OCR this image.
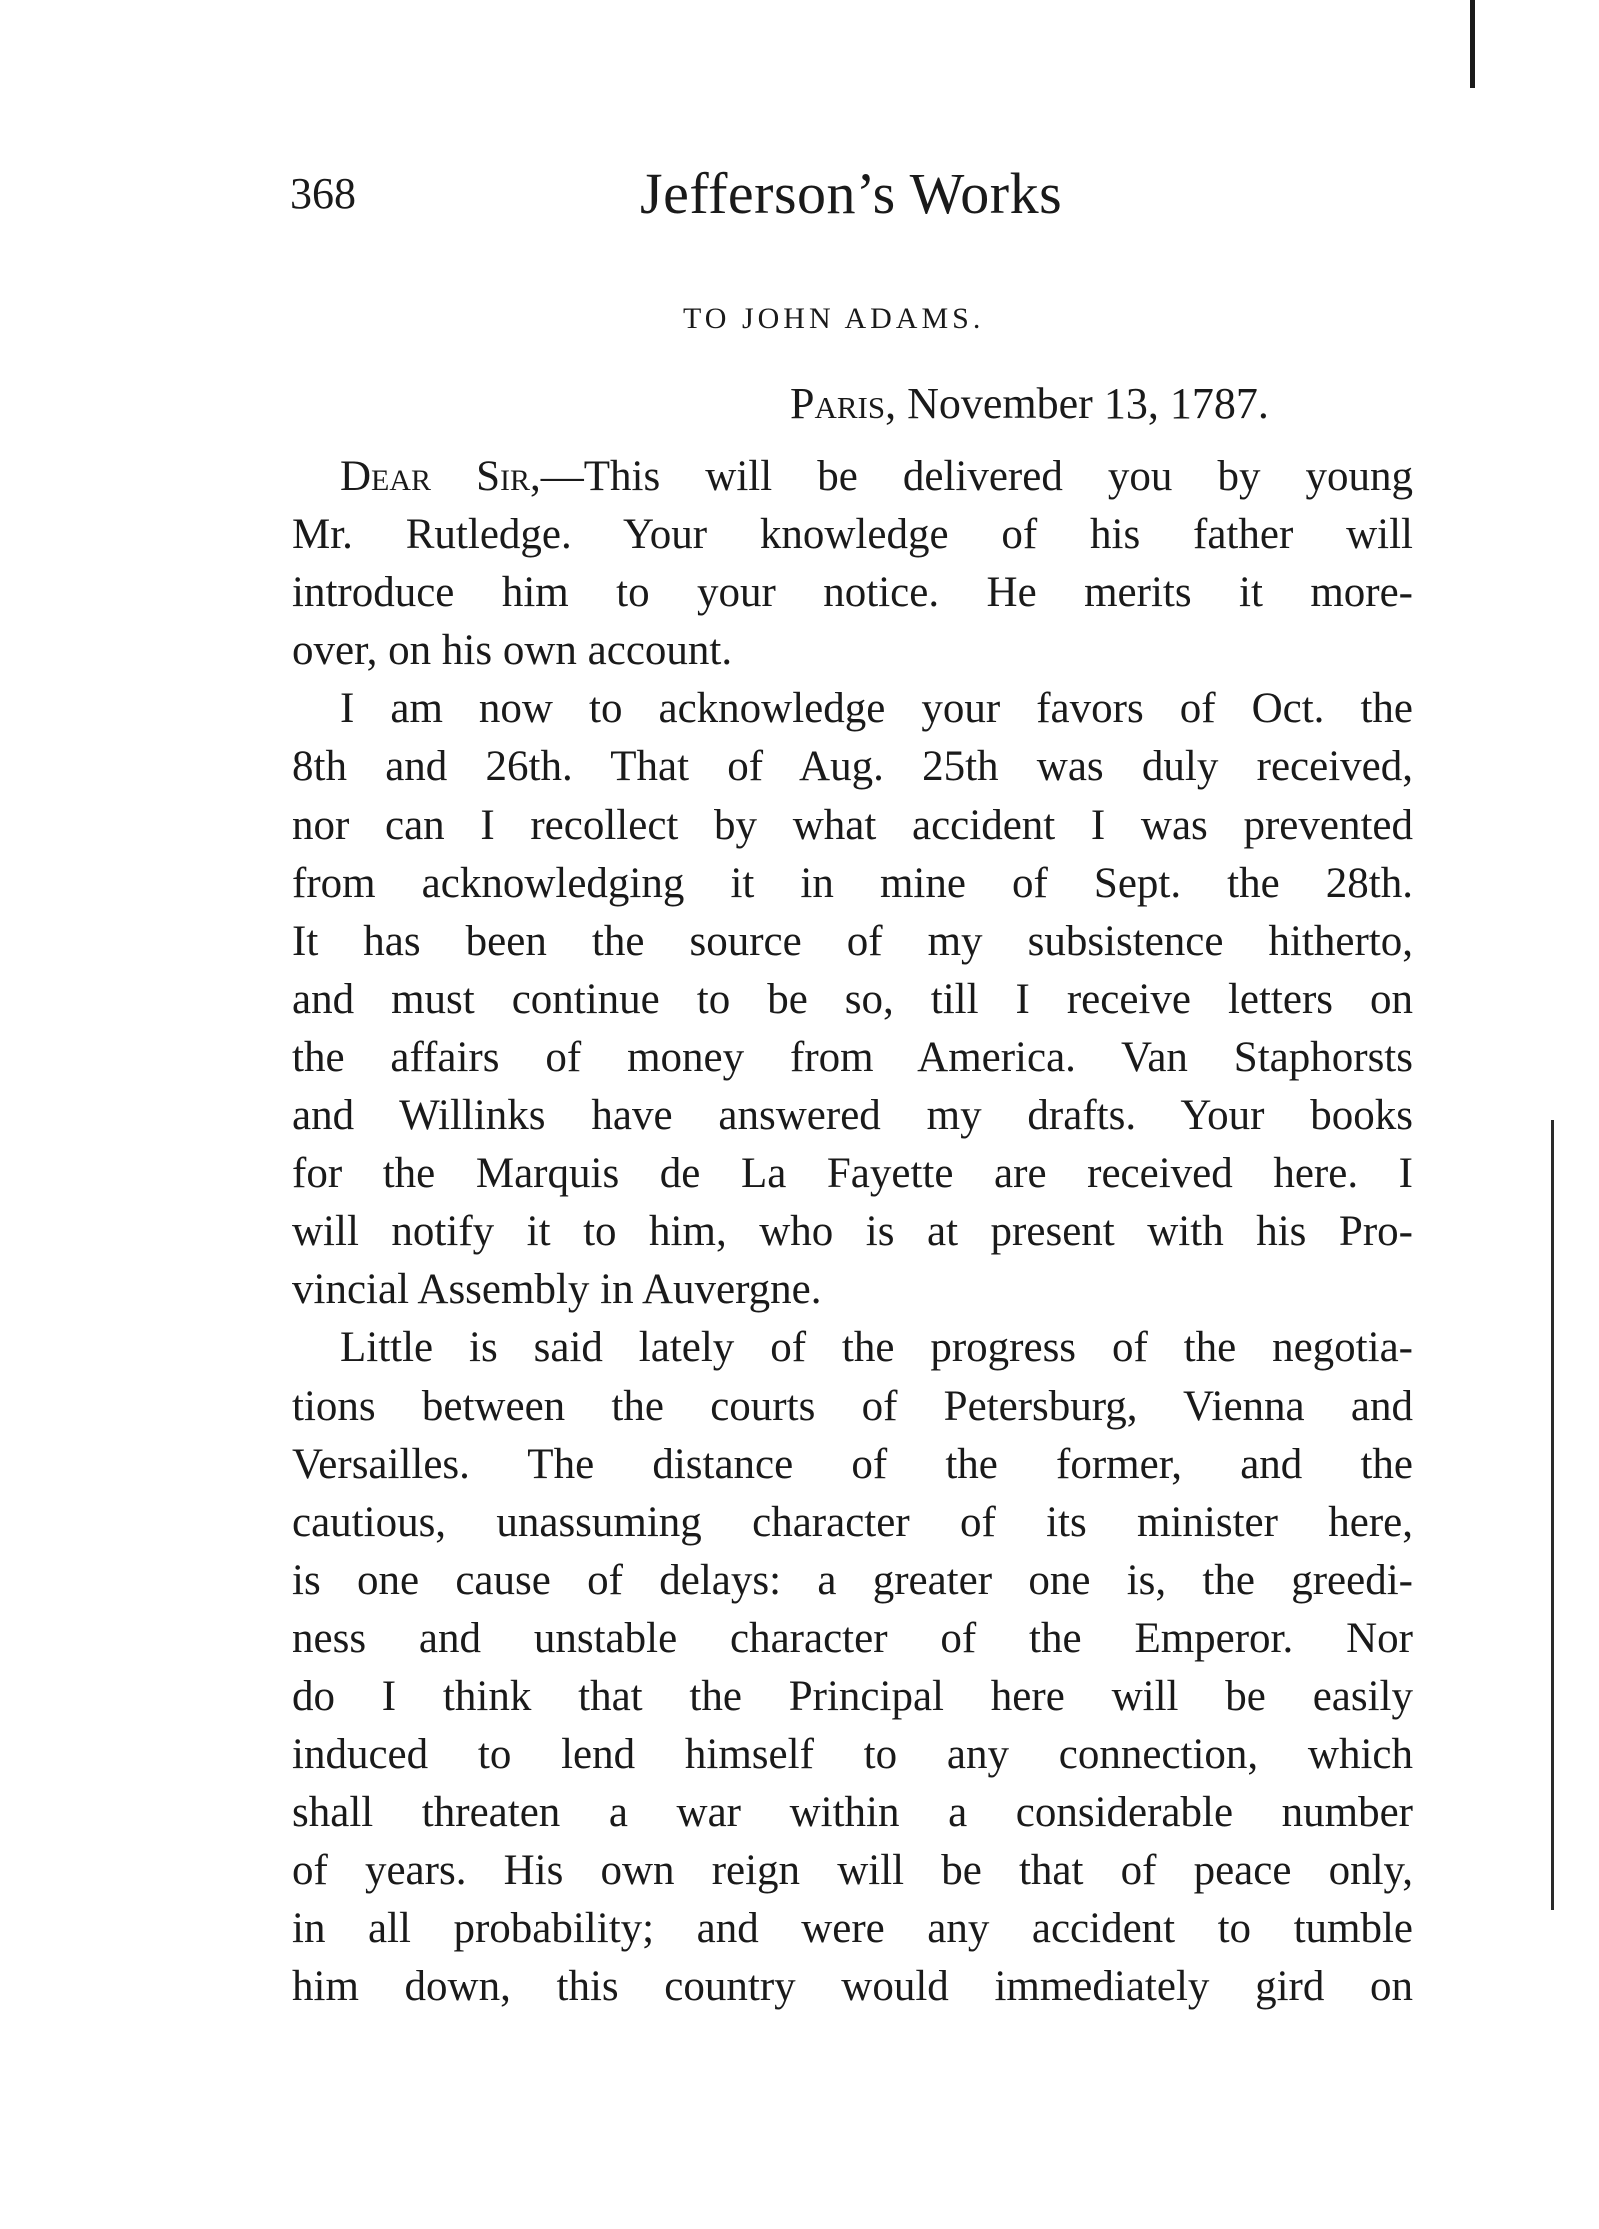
368	Jefferson’s Works
TO JOHN ADAMS.
Paris, November 13, 1787.
Dear Sir,—This will be delivered you by young
Mr. Rutledge. Your knowledge of his father will
introduce him to your notice. He merits it more-
over, on his own account.
I am now to acknowledge your favors of Oct. the
8th and 26th. That of Aug. 25th was duly received,
nor can I recollect by what accident I was prevented
from acknowledging it in mine of Sept. the 28th.
It has been the source of my subsistence hitherto,
and must continue to be so, till I receive letters on
the affairs of money from America. Van Staphorsts
and Willinks have answered my drafts. Your books
for the Marquis de La Fayette are received here. I
will notify it to him, who is at present with his Pro-
vincial Assembly in Auvergne.
Little is said lately of the progress of the negotia-
tions between the courts of Petersburg, Vienna and
Versailles. The distance of the former, and the
cautious, unassuming character of its minister here,
is one cause of delays: a greater one is, the greedi-
ness and unstable character of the Emperor. Nor
do I think that the Principal here will be easily
induced to lend himself to any connection, which
shall threaten a war within a considerable number
of years. His own reign will be that of peace only,
in all probability; and were any accident to tumble
him down, this country would immediately gird on
